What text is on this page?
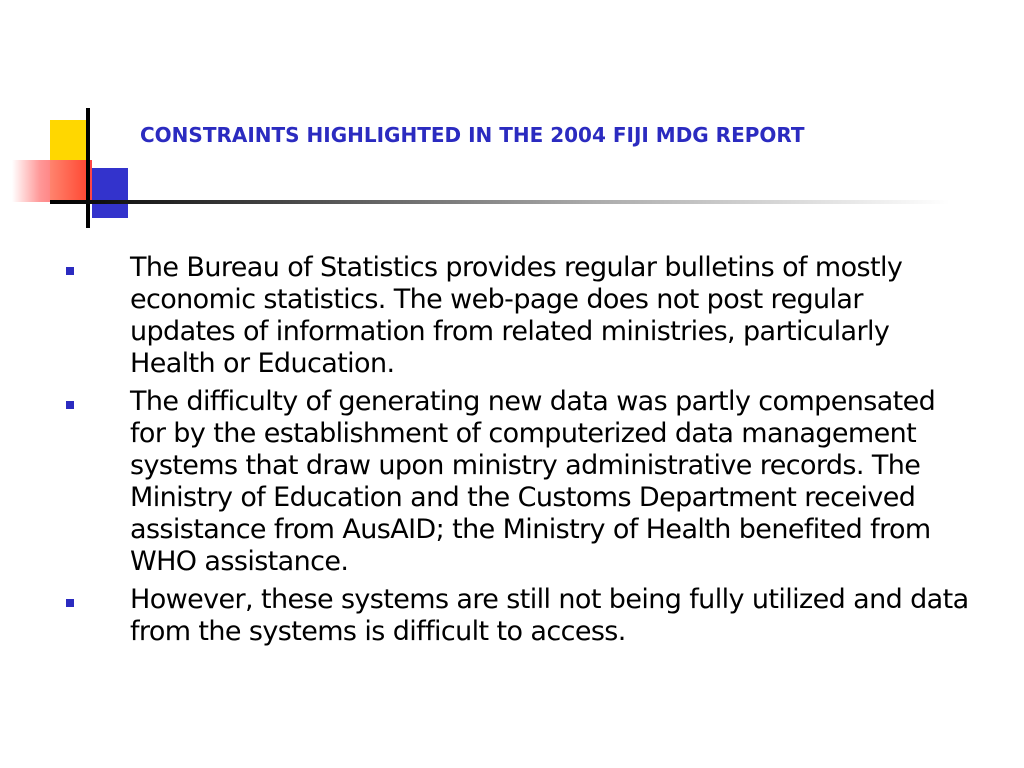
CONSTRAINTS HIGHLIGHTED IN THE 2004 FIJI MDG REPORT
The Bureau of Statistics provides regular bulletins of mostly economic statistics. The web-page does not post regular updates of information from related ministries, particularly Health or Education.
The difficulty of generating new data was partly compensated for by the establishment of computerized data management systems that draw upon ministry administrative records. The Ministry of Education and the Customs Department received assistance from AusAID; the Ministry of Health benefited from WHO assistance.
However, these systems are still not being fully utilized and data from the systems is difficult to access.
